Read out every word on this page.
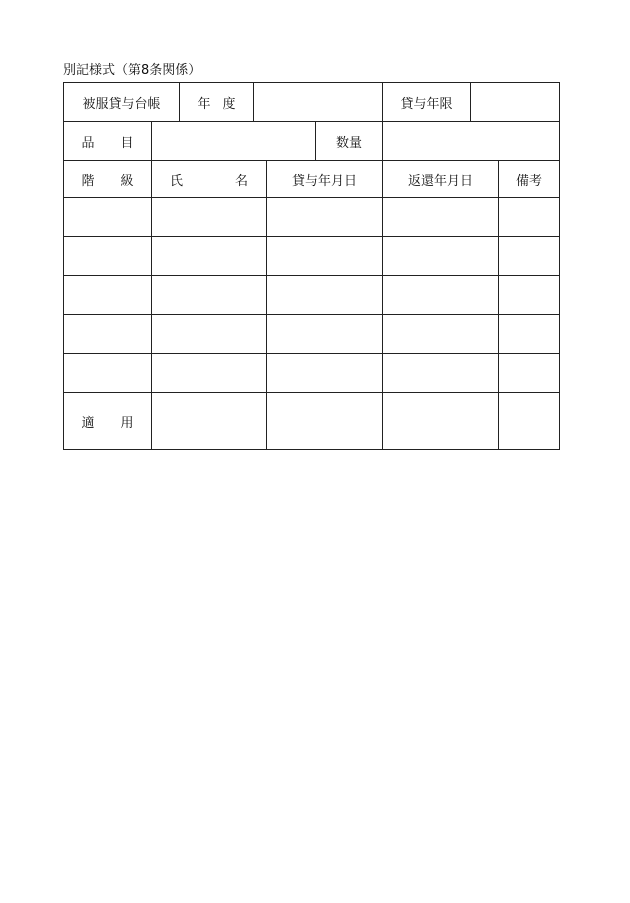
別記様式（第8条関係）
被服貸与台帳	年 度		貸与年限	
品 目		数量	
階 級	氏 名	貸与年月日	返還年月日	備考

適 用				
